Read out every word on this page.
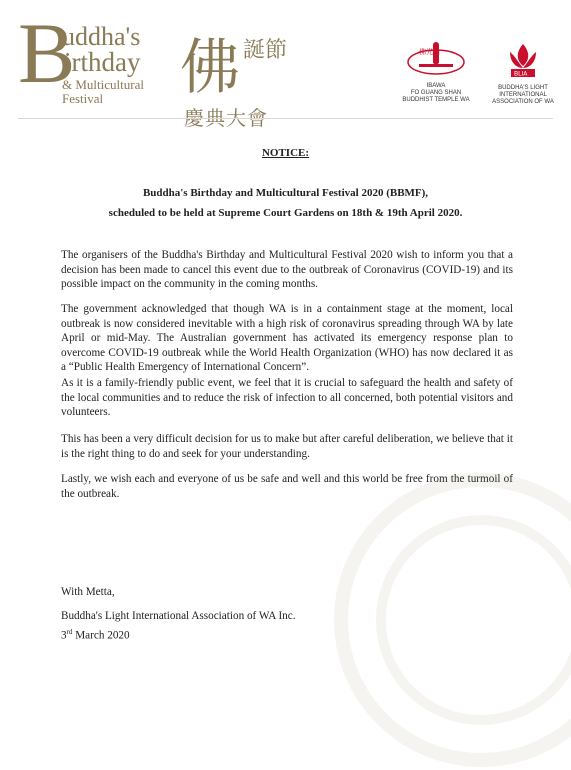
B
uddha's
irthday
& Multicultural
Festival 佛 誕節
慶典大會
佛光山
IBAWA
FO GUANG SHAN
BUDDHIST TEMPLE WA
BLIA
BUDDHA'S LIGHT
INTERNATIONAL
ASSOCIATION OF WA
NOTICE:
Buddha's Birthday and Multicultural Festival 2020 (BBMF),
scheduled to be held at Supreme Court Gardens on 18th & 19th April 2020.
The organisers of the Buddha's Birthday and Multicultural Festival 2020 wish to inform you that a decision has been made to cancel this event due to the outbreak of Coronavirus (COVID-19) and its possible impact on the community in the coming months.
The government acknowledged that though WA is in a containment stage at the moment, local outbreak is now considered inevitable with a high risk of coronavirus spreading through WA by late April or mid-May. The Australian government has activated its emergency response plan to overcome COVID-19 outbreak while the World Health Organization (WHO) has now declared it as a “Public Health Emergency of International Concern”.
As it is a family-friendly public event, we feel that it is crucial to safeguard the health and safety of the local communities and to reduce the risk of infection to all concerned, both potential visitors and volunteers.
This has been a very difficult decision for us to make but after careful deliberation, we believe that it is the right thing to do and seek for your understanding.
Lastly, we wish each and everyone of us be safe and well and this world be free from the turmoil of the outbreak.
With Metta,
Buddha's Light International Association of WA Inc.
3rd March 2020
